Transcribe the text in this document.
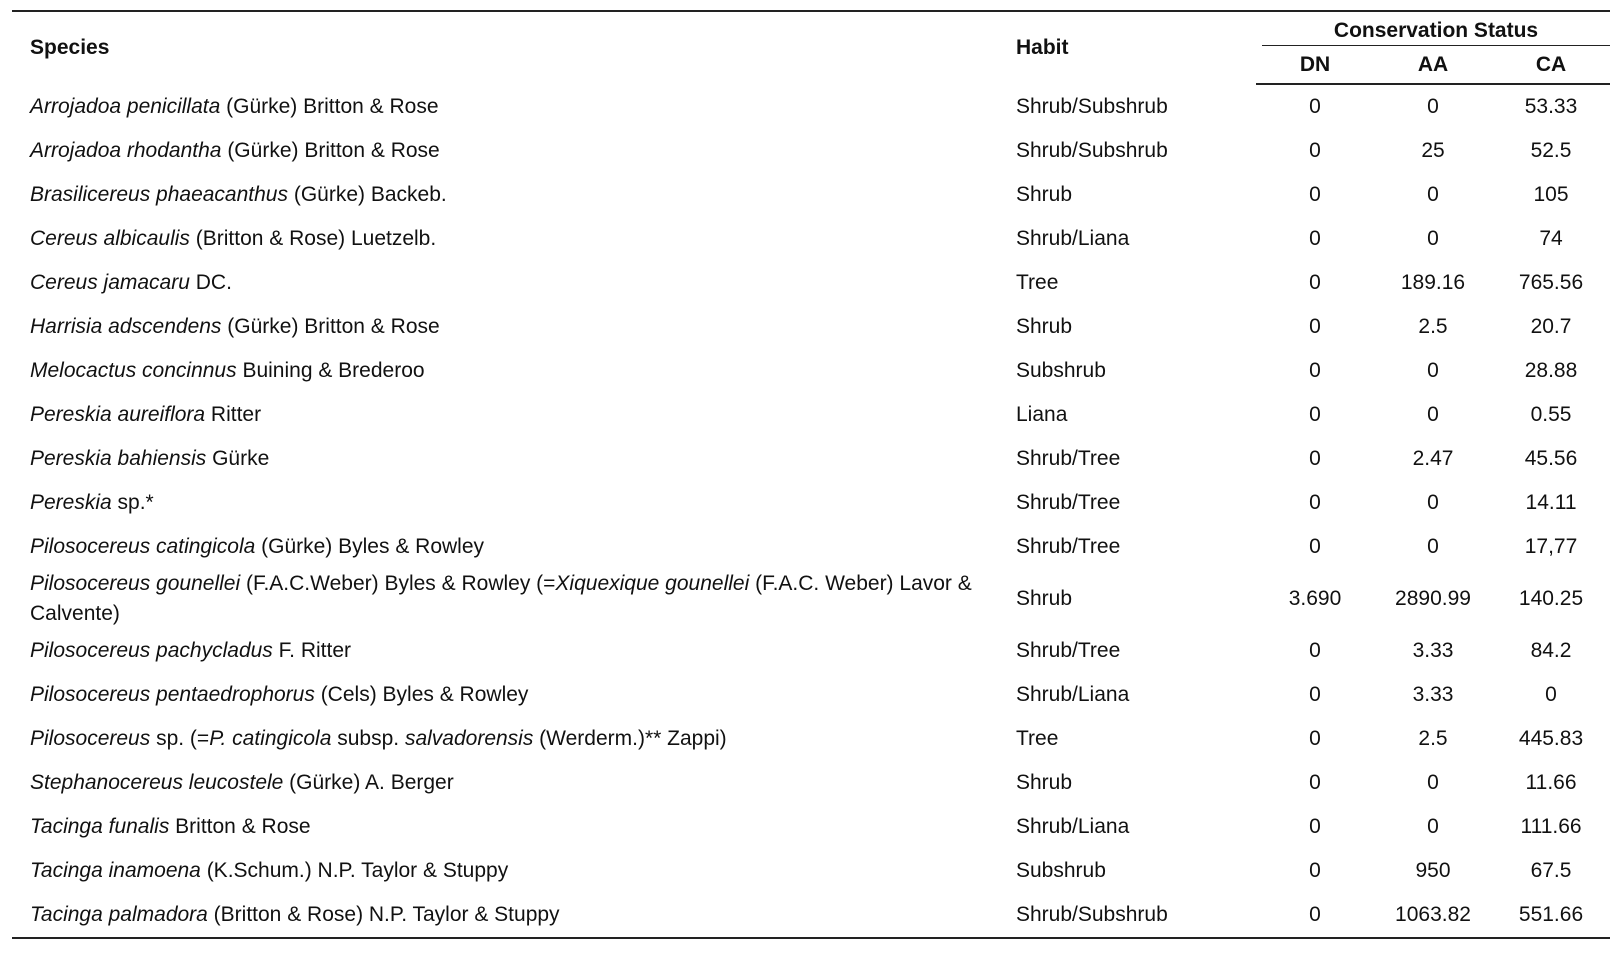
Species	Habit	Conservation Status		

		DN	AA	CA
Arrojadoa penicillata (Gürke) Britton & Rose	Shrub/Subshrub	0	0	53.33
Arrojadoa rhodantha (Gürke) Britton & Rose	Shrub/Subshrub	0	25	52.5
Brasilicereus phaeacanthus (Gürke) Backeb.	Shrub	0	0	105
Cereus albicaulis (Britton & Rose) Luetzelb.	Shrub/Liana	0	0	74
Cereus jamacaru DC.	Tree	0	189.16	765.56
Harrisia adscendens (Gürke) Britton & Rose	Shrub	0	2.5	20.7
Melocactus concinnus Buining & Brederoo	Subshrub	0	0	28.88
Pereskia aureiflora Ritter	Liana	0	0	0.55
Pereskia bahiensis Gürke	Shrub/Tree	0	2.47	45.56
Pereskia sp.*	Shrub/Tree	0	0	14.11
Pilosocereus catingicola (Gürke) Byles & Rowley	Shrub/Tree	0	0	17,77
Pilosocereus gounellei (F.A.C.Weber) Byles & Rowley (=Xiquexique gounellei (F.A.C. Weber) Lavor & Calvente)	Shrub	3.690	2890.99	140.25
Pilosocereus pachycladus F. Ritter	Shrub/Tree	0	3.33	84.2
Pilosocereus pentaedrophorus (Cels) Byles & Rowley	Shrub/Liana	0	3.33	0
Pilosocereus sp. (=P. catingicola subsp. salvadorensis (Werderm.)** Zappi)	Tree	0	2.5	445.83
Stephanocereus leucostele (Gürke) A. Berger	Shrub	0	0	11.66
Tacinga funalis Britton & Rose	Shrub/Liana	0	0	111.66
Tacinga inamoena (K.Schum.) N.P. Taylor & Stuppy	Subshrub	0	950	67.5
Tacinga palmadora (Britton & Rose) N.P. Taylor & Stuppy	Shrub/Subshrub	0	1063.82	551.66
